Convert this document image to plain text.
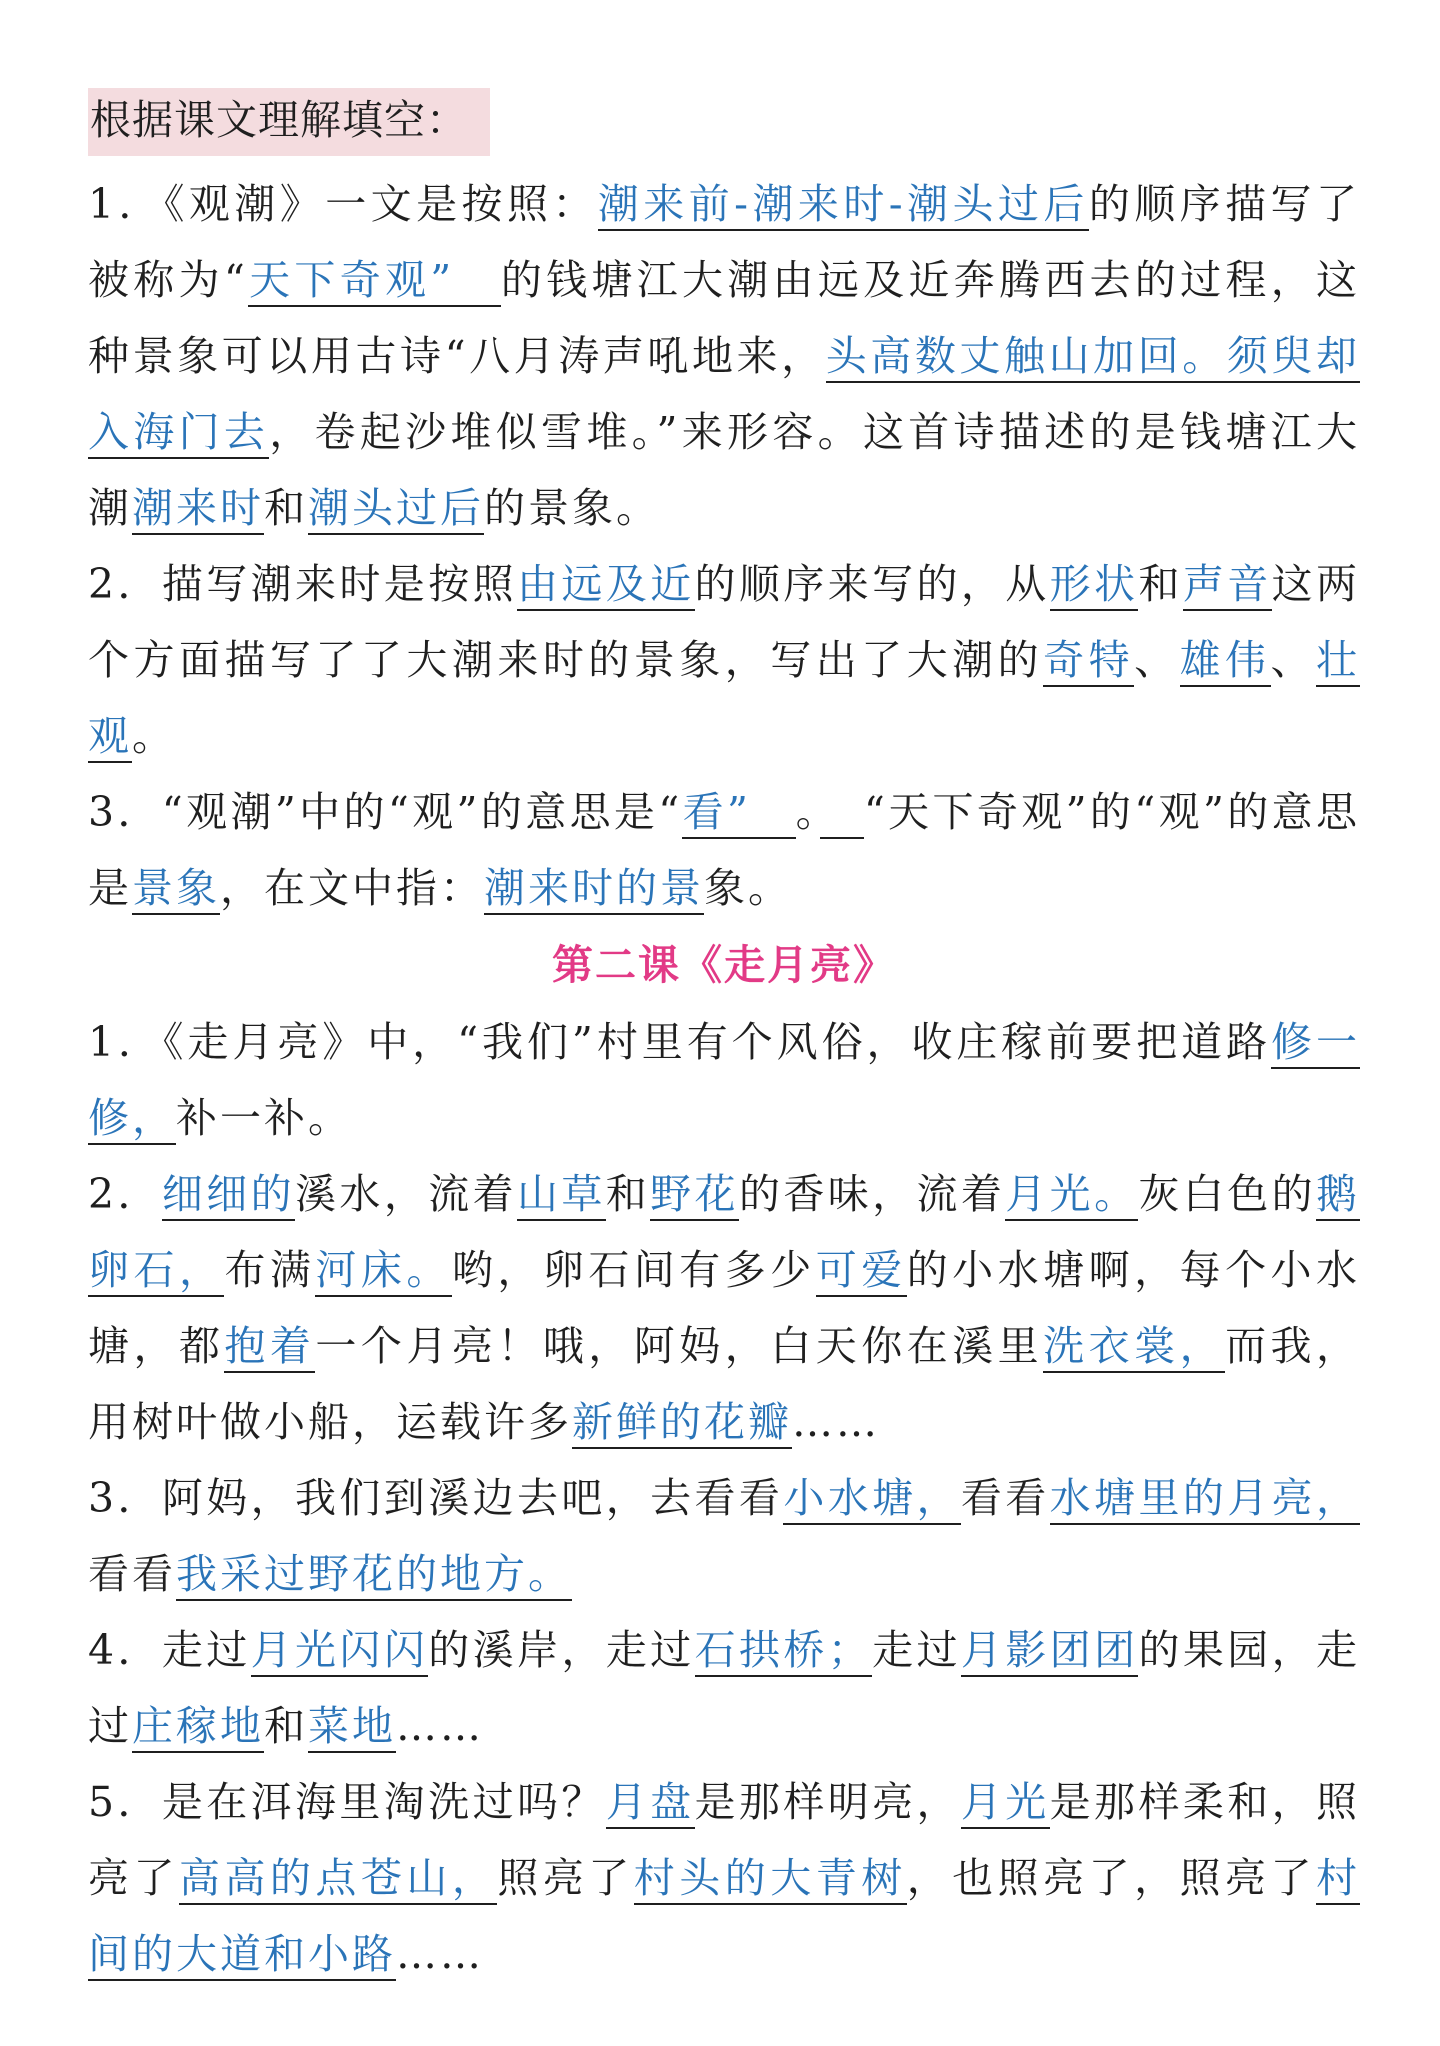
根据课文理解填空：

1．《观潮》一文是按照：潮来前-潮来时-潮头过后的顺序描写了被称为“天下奇观”　的钱塘江大潮由远及近奔腾西去的过程，这种景象可以用古诗“八月涛声吼地来，头高数丈触山加回。须臾却入海门去，卷起沙堆似雪堆。”来形容。这首诗描述的是钱塘江大潮潮来时和潮头过后的景象。

2．描写潮来时是按照由远及近的顺序来写的，从形状和声音这两个方面描写了了大潮来时的景象，写出了大潮的奇特、雄伟、壮观。

3．“观潮”中的“观”的意思是“看”　。　 “天下奇观”的“观”的意思是景象，在文中指：潮来时的景象。

第二课《走月亮》

1．《走月亮》中，“我们”村里有个风俗，收庄稼前要把道路修一修，补一补。

2．细细的溪水，流着山草和野花的香味，流着月光。灰白色的鹅卵石，布满河床。哟，卵石间有多少可爱的小水塘啊，每个小水塘，都抱着一个月亮！哦，阿妈，白天你在溪里洗衣裳，而我，用树叶做小船，运载许多新鲜的花瓣……

3．阿妈，我们到溪边去吧，去看看小水塘，看看水塘里的月亮，看看我采过野花的地方。

4．走过月光闪闪的溪岸，走过石拱桥；走过月影团团的果园，走过庄稼地和菜地……

5．是在洱海里淘洗过吗？月盘是那样明亮，月光是那样柔和，照亮了高高的点苍山，照亮了村头的大青树，也照亮了，照亮了村间的大道和小路……
